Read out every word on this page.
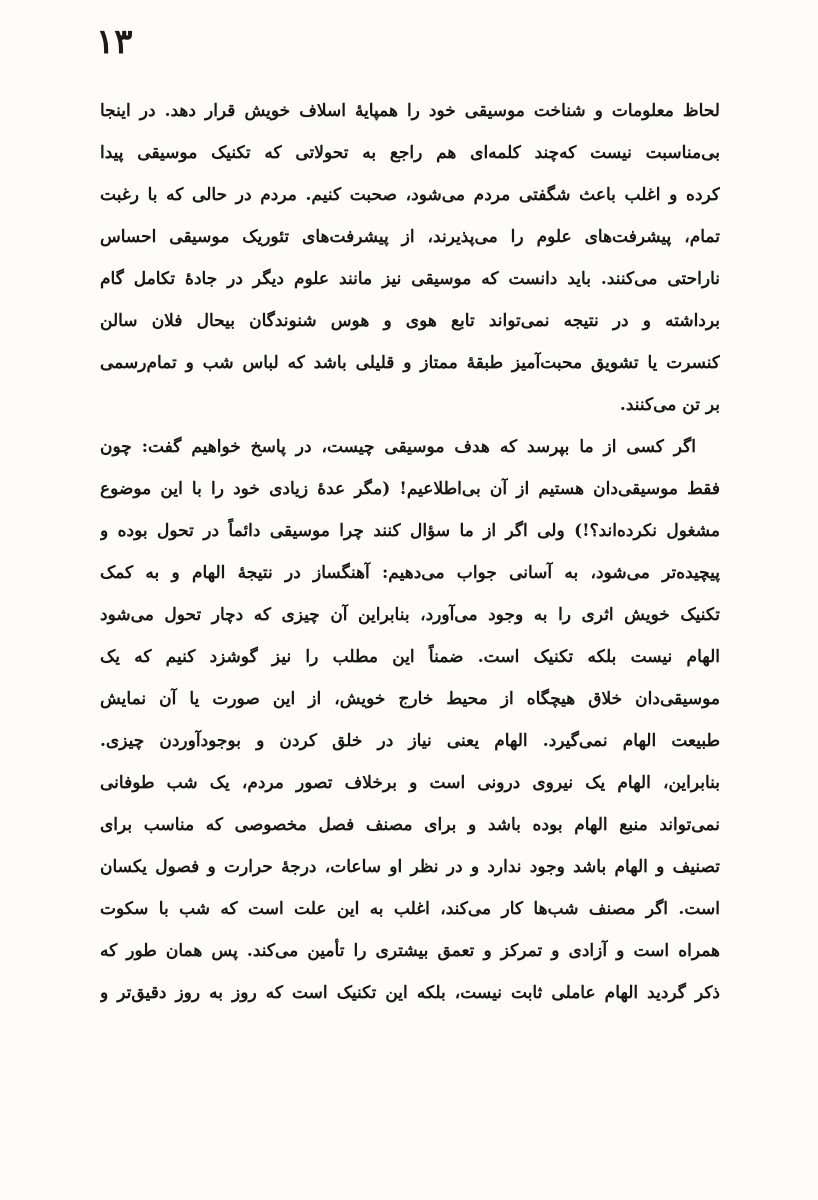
۱۳
لحاظ معلومات و شناخت موسیقی خود را همپایهٔ اسلاف خویش قرار دهد. در اینجا
بی‌مناسبت نیست که‌چند کلمه‌ای هم راجع به تحولاتی که تکنیک موسیقی پیدا
کرده و اغلب باعث شگفتی مردم می‌شود، صحبت کنیم. مردم در حالی که با رغبت
تمام، پیشرفت‌های علوم را می‌پذیرند، از پیشرفت‌های تئوریک موسیقی احساس
ناراحتی می‌کنند. باید دانست که موسیقی نیز مانند علوم دیگر در جادهٔ تکامل گام
برداشته و در نتیجه نمی‌تواند تابع هوی و هوس شنوندگان بیحال فلان سالن
کنسرت یا تشویق محبت‌آمیز طبقهٔ ممتاز و قلیلی باشد که لباس شب و تمام‌رسمی
بر تن می‌کنند.
اگر کسی از ما بپرسد که هدف موسیقی چیست، در پاسخ خواهیم گفت: چون
فقط موسیقی‌دان هستیم از آن بی‌اطلاعیم! (مگر عدهٔ زیادی خود را با این موضوع
مشغول نکرده‌اند؟!) ولی اگر از ما سؤال کنند چرا موسیقی دائماً در تحول بوده و
پیچیده‌تر می‌شود، به آسانی جواب می‌دهیم: آهنگساز در نتیجهٔ الهام و به کمک
تکنیک خویش اثری را به وجود می‌آورد، بنابراین آن چیزی که دچار تحول می‌شود
الهام نیست بلکه تکنیک است. ضمناً این مطلب را نیز گوشزد کنیم که یک
موسیقی‌دان خلاق هیچگاه از محیط خارج خویش، از این صورت یا آن نمایش
طبیعت الهام نمی‌گیرد. الهام یعنی نیاز در خلق کردن و بوجودآوردن چیزی.
بنابراین، الهام یک نیروی درونی است و برخلاف تصور مردم، یک شب طوفانی
نمی‌تواند منبع الهام بوده باشد و برای مصنف فصل مخصوصی که مناسب برای
تصنیف و الهام باشد وجود ندارد و در نظر او ساعات، درجهٔ حرارت و فصول یکسان
است. اگر مصنف شب‌ها کار می‌کند، اغلب به این علت است که شب با سکوت
همراه است و آزادی و تمرکز و تعمق بیشتری را تأمین می‌کند. پس همان طور که
ذکر گردید الهام عاملی ثابت نیست، بلکه این تکنیک است که روز به روز دقیق‌تر و
